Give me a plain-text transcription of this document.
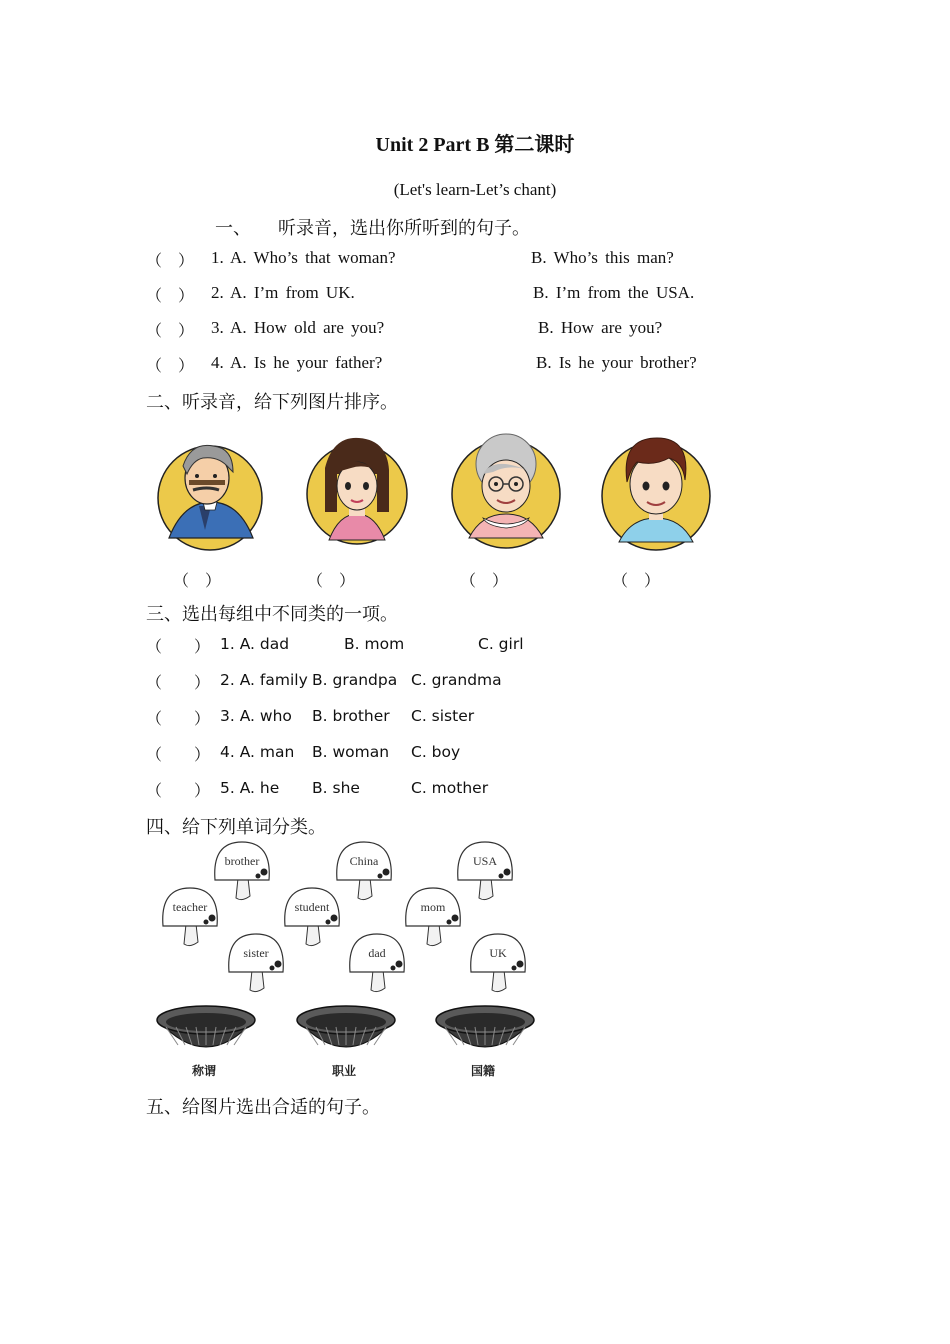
Unit 2 Part B 第二课时
(Let's learn-Let’s chant)
一、 听录音，选出你所听到的句子。
（　） 1. A. Who’s that woman?	B. Who’s this man?
（　） 2. A. I’m from UK.	B. I’m from the USA.
（　） 3. A. How old are you?	B. How are you?
（　） 4. A. Is he your father?	B. Is he your brother?
二、听录音，给下列图片排序。
（　）	（　）	（　）	（　）
三、选出每组中不同类的一项。
（　　） 1. A. dad	B. mom	C. girl
（　　） 2. A. family B. grandpa C. grandma
（　　） 3. A. who B. brother C. sister
（　　） 4. A. man B. woman C. boy
（　　） 5. A. he B. she	C. mother
四、给下列单词分类。
brother	China	USA
teacher	student	mom
sister	dad	UK
称谓	职业	国籍
五、给图片选出合适的句子。
